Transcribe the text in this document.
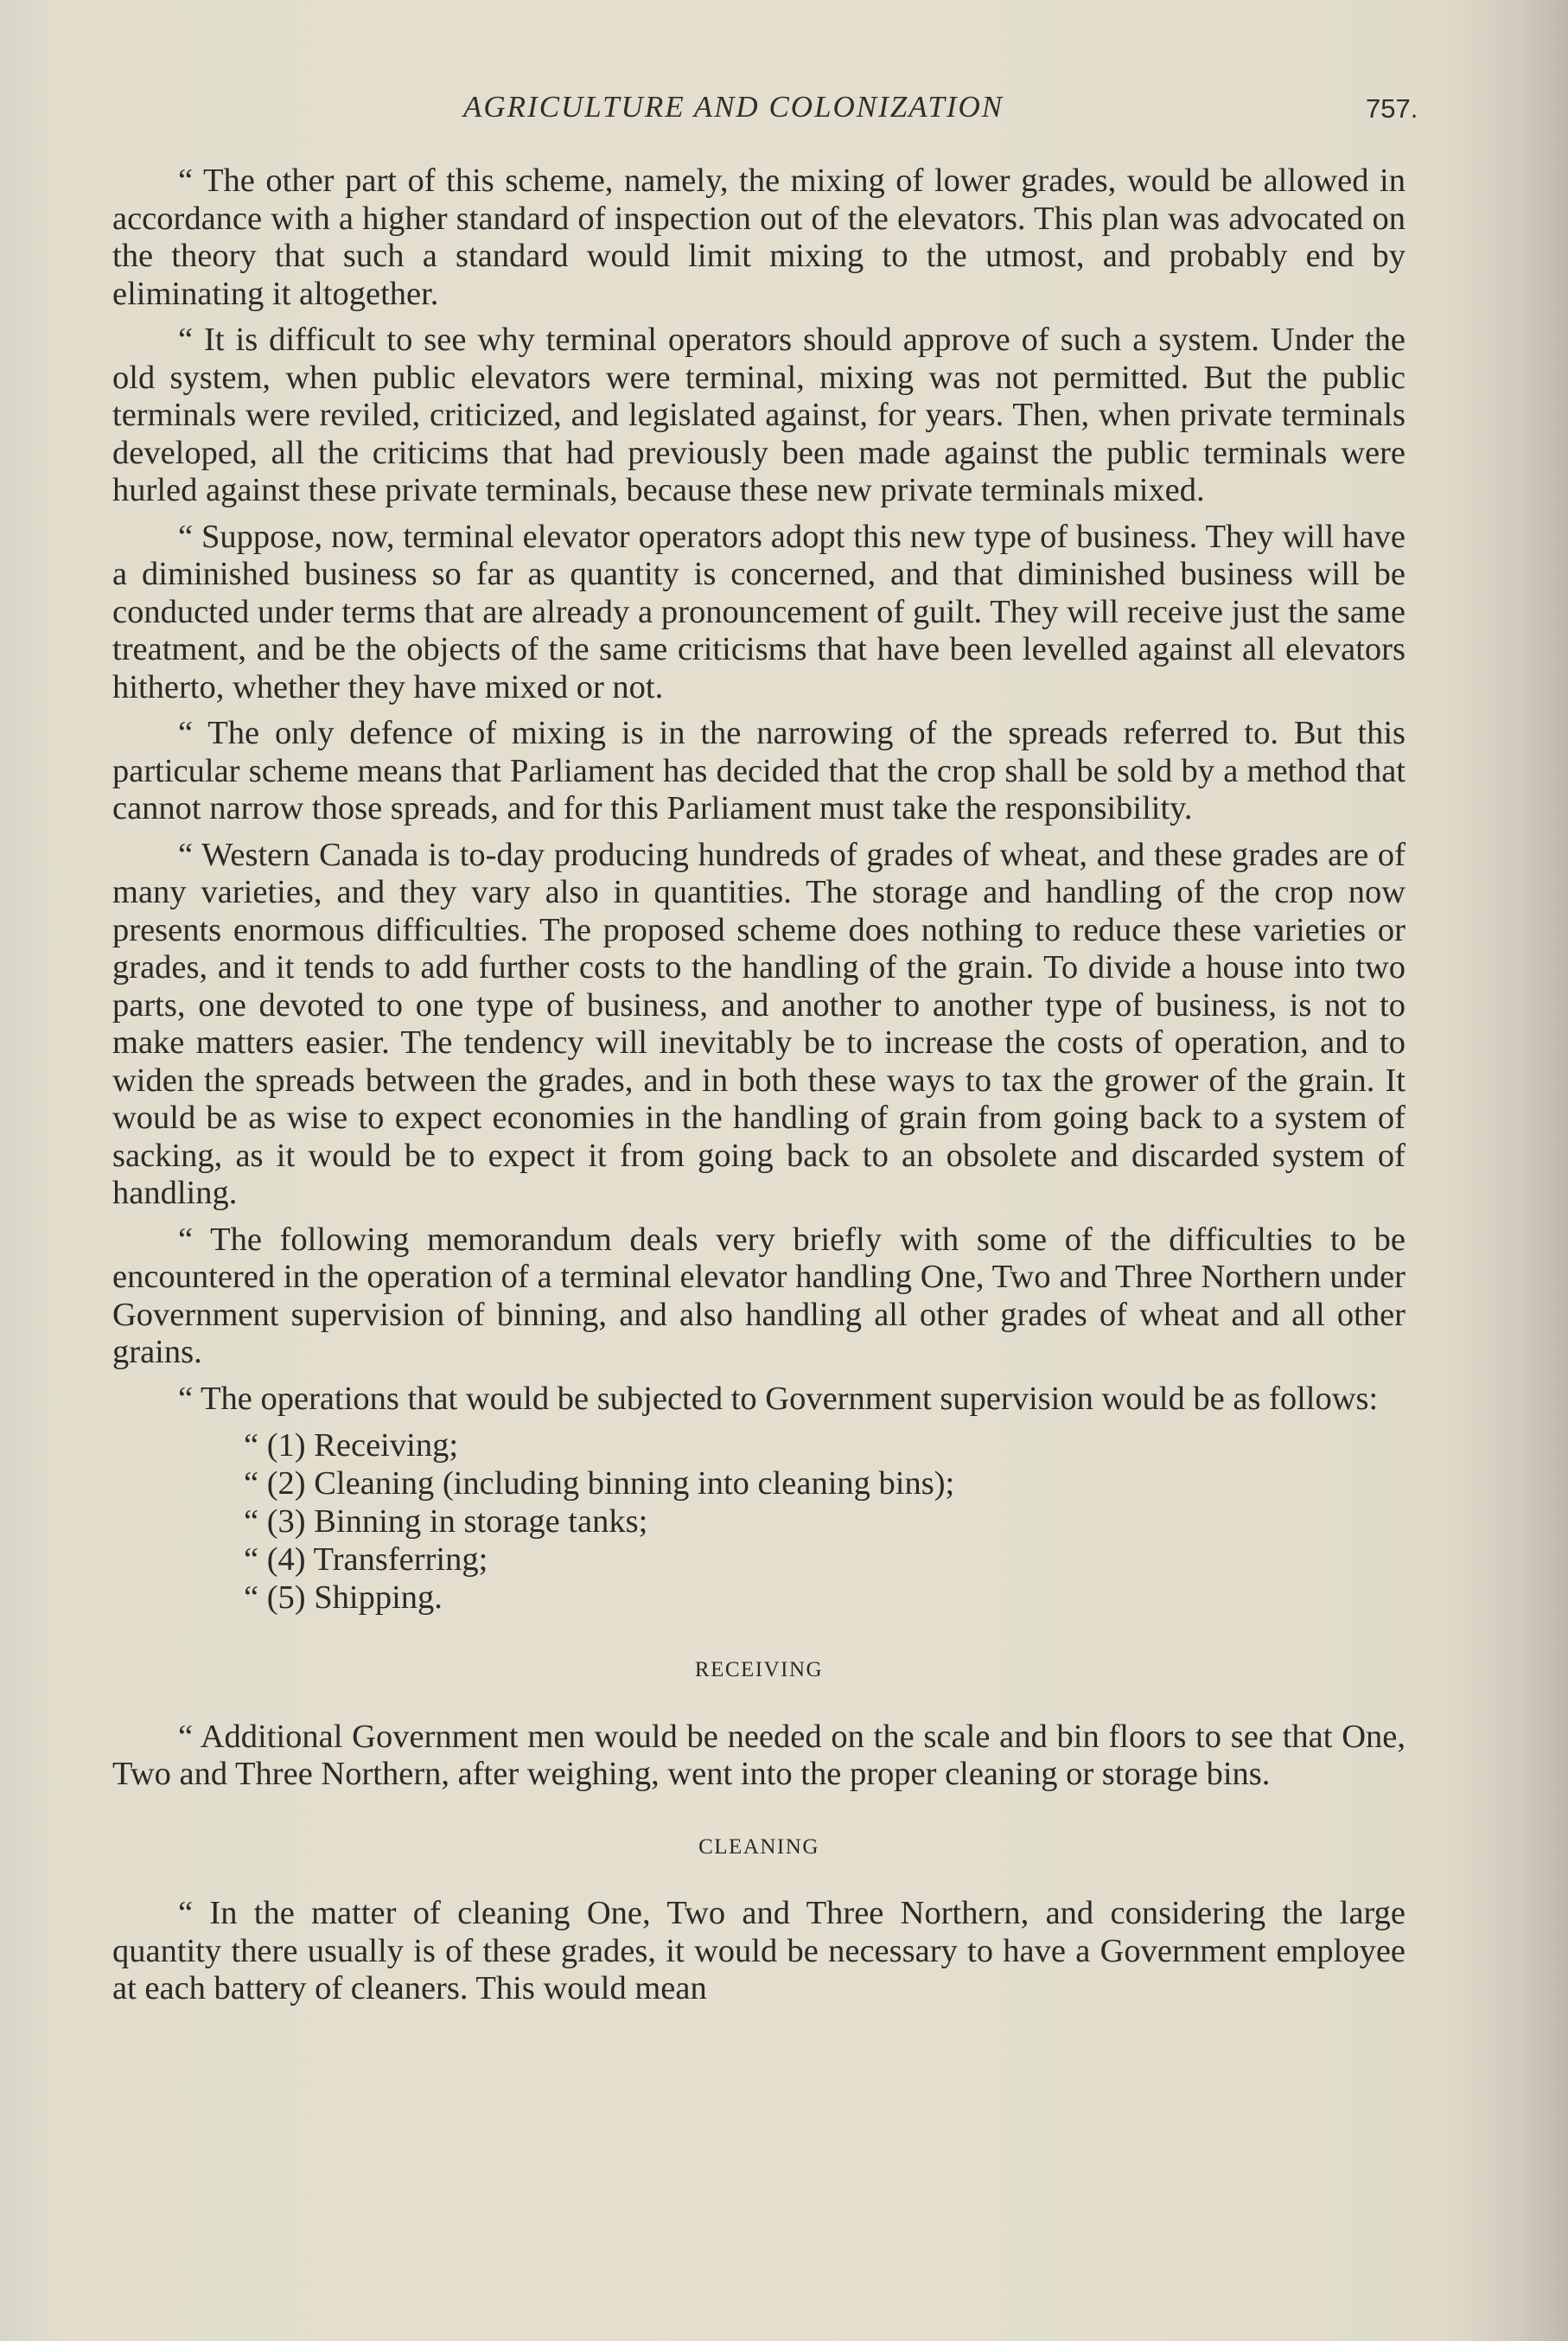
AGRICULTURE AND COLONIZATION	757.

“ The other part of this scheme, namely, the mixing of lower grades, would be allowed in accordance with a higher standard of inspection out of the elevators. This plan was advocated on the theory that such a standard would limit mixing to the utmost, and probably end by eliminating it altogether.

“ It is difficult to see why terminal operators should approve of such a system. Under the old system, when public elevators were terminal, mixing was not permitted. But the public terminals were reviled, criticized, and legislated against, for years. Then, when private terminals developed, all the criticims that had previously been made against the public terminals were hurled against these private terminals, because these new private terminals mixed.

“ Suppose, now, terminal elevator operators adopt this new type of business. They will have a diminished business so far as quantity is concerned, and that diminished business will be conducted under terms that are already a pronouncement of guilt. They will receive just the same treatment, and be the objects of the same criticisms that have been levelled against all elevators hitherto, whether they have mixed or not.

“ The only defence of mixing is in the narrowing of the spreads referred to. But this particular scheme means that Parliament has decided that the crop shall be sold by a method that cannot narrow those spreads, and for this Parliament must take the responsibility.

“ Western Canada is to-day producing hundreds of grades of wheat, and these grades are of many varieties, and they vary also in quantities. The storage and handling of the crop now presents enormous difficulties. The proposed scheme does nothing to reduce these varieties or grades, and it tends to add further costs to the handling of the grain. To divide a house into two parts, one devoted to one type of business, and another to another type of business, is not to make matters easier. The tendency will inevitably be to increase the costs of operation, and to widen the spreads between the grades, and in both these ways to tax the grower of the grain. It would be as wise to expect economies in the handling of grain from going back to a system of sacking, as it would be to expect it from going back to an obsolete and discarded system of handling.

“ The following memorandum deals very briefly with some of the difficulties to be encountered in the operation of a terminal elevator handling One, Two and Three Northern under Government supervision of binning, and also handling all other grades of wheat and all other grains.

“ The operations that would be subjected to Government supervision would be as follows:

“ (1) Receiving;
“ (2) Cleaning (including binning into cleaning bins);
“ (3) Binning in storage tanks;
“ (4) Transferring;
“ (5) Shipping.
RECEIVING

“ Additional Government men would be needed on the scale and bin floors to see that One, Two and Three Northern, after weighing, went into the proper cleaning or storage bins.

CLEANING

“ In the matter of cleaning One, Two and Three Northern, and considering the large quantity there usually is of these grades, it would be necessary to have a Government employee at each battery of cleaners. This would mean
